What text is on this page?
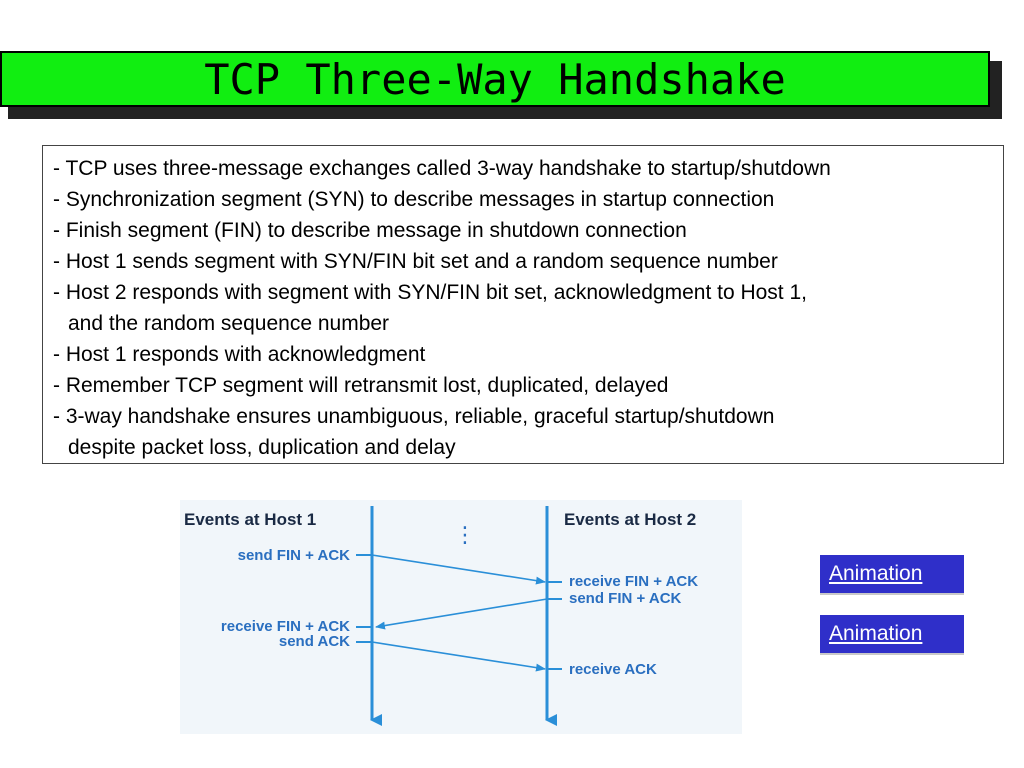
TCP Three-Way Handshake
- TCP uses three-message exchanges called 3-way handshake to startup/shutdown
- Synchronization segment (SYN) to describe messages in startup connection
- Finish segment (FIN) to describe message in shutdown connection
- Host 1 sends segment with SYN/FIN bit set and a random sequence number
- Host 2 responds with segment with SYN/FIN bit set, acknowledgment to Host 1,
and the random sequence number
- Host 1 responds with acknowledgment
- Remember TCP segment will retransmit lost, duplicated, delayed
- 3-way handshake ensures unambiguous, reliable, graceful startup/shutdown
despite packet loss, duplication and delay
Events at Host 1	Events at Host 2
⋮
send FIN + ACK
receive FIN + ACK
send ACK
receive FIN + ACK
send FIN + ACK
receive ACK
Animation
Animation
